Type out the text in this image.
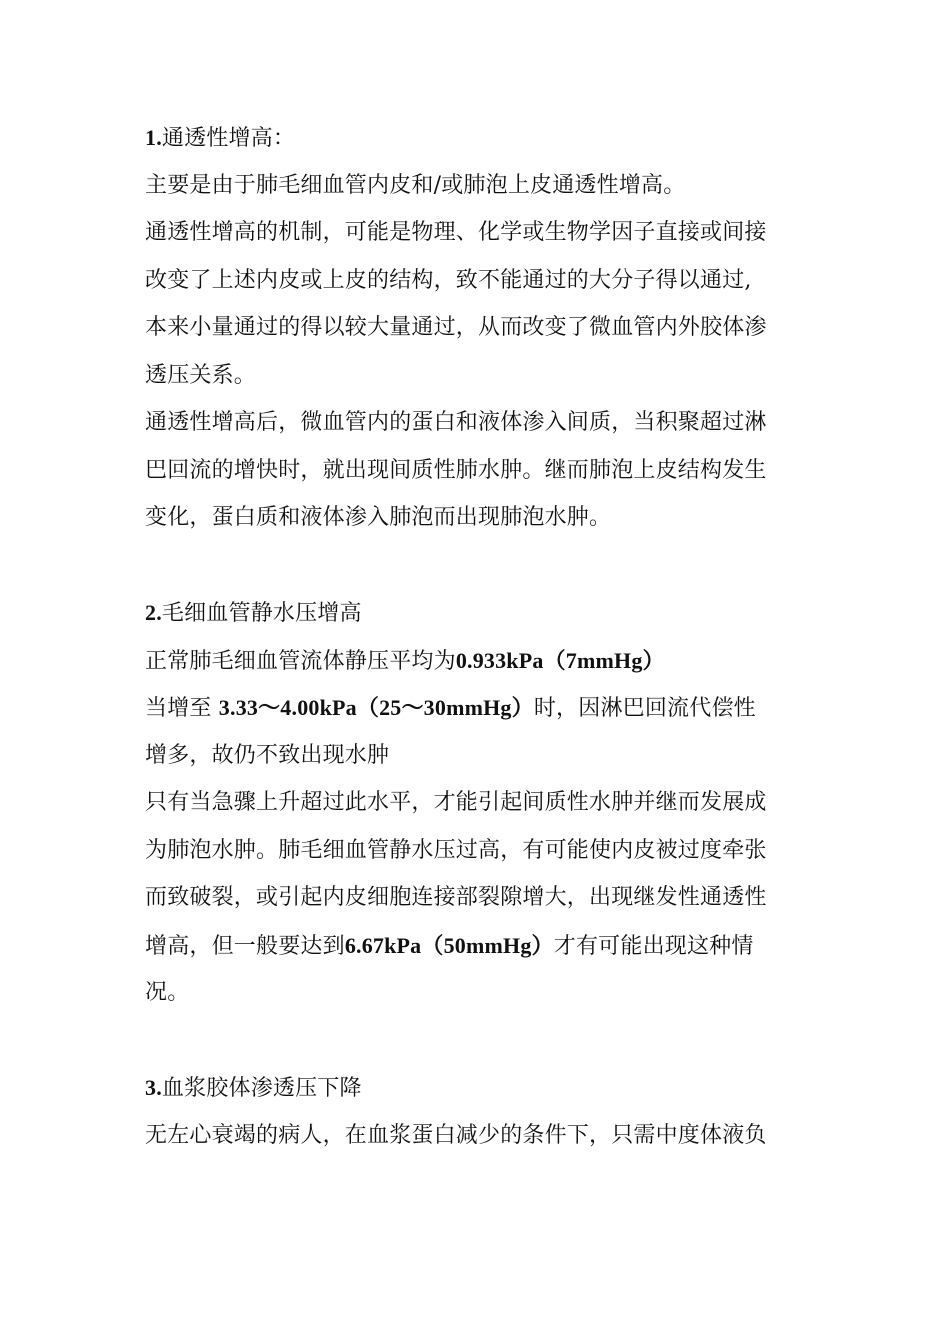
1.通透性增高：
主要是由于肺毛细血管内皮和/或肺泡上皮通透性增高。
通透性增高的机制，可能是物理、化学或生物学因子直接或间接
改变了上述内皮或上皮的结构，致不能通过的大分子得以通过,
本来小量通过的得以较大量通过，从而改变了微血管内外胶体渗
透压关系。
通透性增高后，微血管内的蛋白和液体渗入间质，当积聚超过淋
巴回流的增快时，就出现间质性肺水肿。继而肺泡上皮结构发生
变化，蛋白质和液体渗入肺泡而出现肺泡水肿。
2.毛细血管静水压增高
正常肺毛细血管流体静压平均为0.933kPa（7mmHg）
当增至 3.33～4.00kPa（25～30mmHg）时，因淋巴回流代偿性
增多，故仍不致出现水肿
只有当急骤上升超过此水平，才能引起间质性水肿并继而发展成
为肺泡水肿。肺毛细血管静水压过高，有可能使内皮被过度牵张
而致破裂，或引起内皮细胞连接部裂隙增大，出现继发性通透性
增高，但一般要达到6.67kPa（50mmHg）才有可能出现这种情
况。
3.血浆胶体渗透压下降
无左心衰竭的病人，在血浆蛋白减少的条件下，只需中度体液负
